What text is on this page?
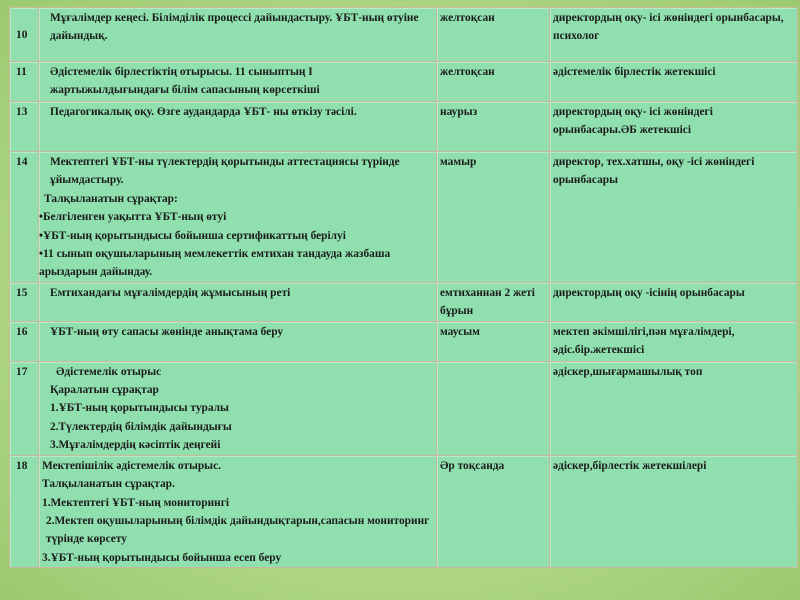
10	Мұғалімдер кеңесі. Білімділік процессі дайындастыру. ҰБТ-ның өтуіне дайындық.	желтоқсан	директордың оқу- ісі жөніндегі орынбасары, психолог
11	Әдістемелік бірлестіктің отырысы. 11 сыныптың І жартыжылдығындағы білім сапасының көрсеткіші	желтоқсан	әдістемелік бірлестік жетекшісі
13	Педагогикалық оқу. Өзге аудандарда ҰБТ- ны өткізу тәсілі.	наурыз	директордың оқу- ісі жөніндегі орынбасары.ӘБ жетекшісі
14	Мектептегі ҰБТ-ны түлектердің қорытынды аттестациясы түрінде ұйымдастыру.
Талқыланатын сұрақтар:
•Белгіленген уақытта ҰБТ-ның өтуі
•ҰБТ-ның қорытындысы бойынша сертификаттың берілуі
•11 сынып оқушыларының мемлекеттік емтихан тандауда жазбаша арыздарын дайындау.	мамыр	директор, тех.хатшы, оқу -ісі жөніндегі орынбасары
15	Емтихандағы мұғалімдердің жұмысының реті	емтиханнан 2 жеті бұрын	директордың оқу -ісінің орынбасары
16	ҰБТ-ның өту сапасы жөнінде анықтама беру	маусым	мектеп әкімшілігі,пән мұғалімдері, әдіс.бір.жетекшісі
17	Әдістемелік отырыс
Қаралатын сұрақтар
1.ҰБТ-ның қорытындысы туралы
2.Түлектердің білімдік дайындығы
3.Мұғалімдердің кәсіптік деңгейі		әдіскер,шығармашылық топ
18	Мектепішілік әдістемелік отырыс.
Талқыланатын сұрақтар.
1.Мектептегі ҰБТ-ның мониторингі
2.Мектеп оқушыларының білімдік дайындықтарын,сапасын мониторинг түрінде көрсету
3.ҰБТ-ның қорытындысы бойынша есеп беру	Әр тоқсанда	әдіскер,бірлестік жетекшілері
